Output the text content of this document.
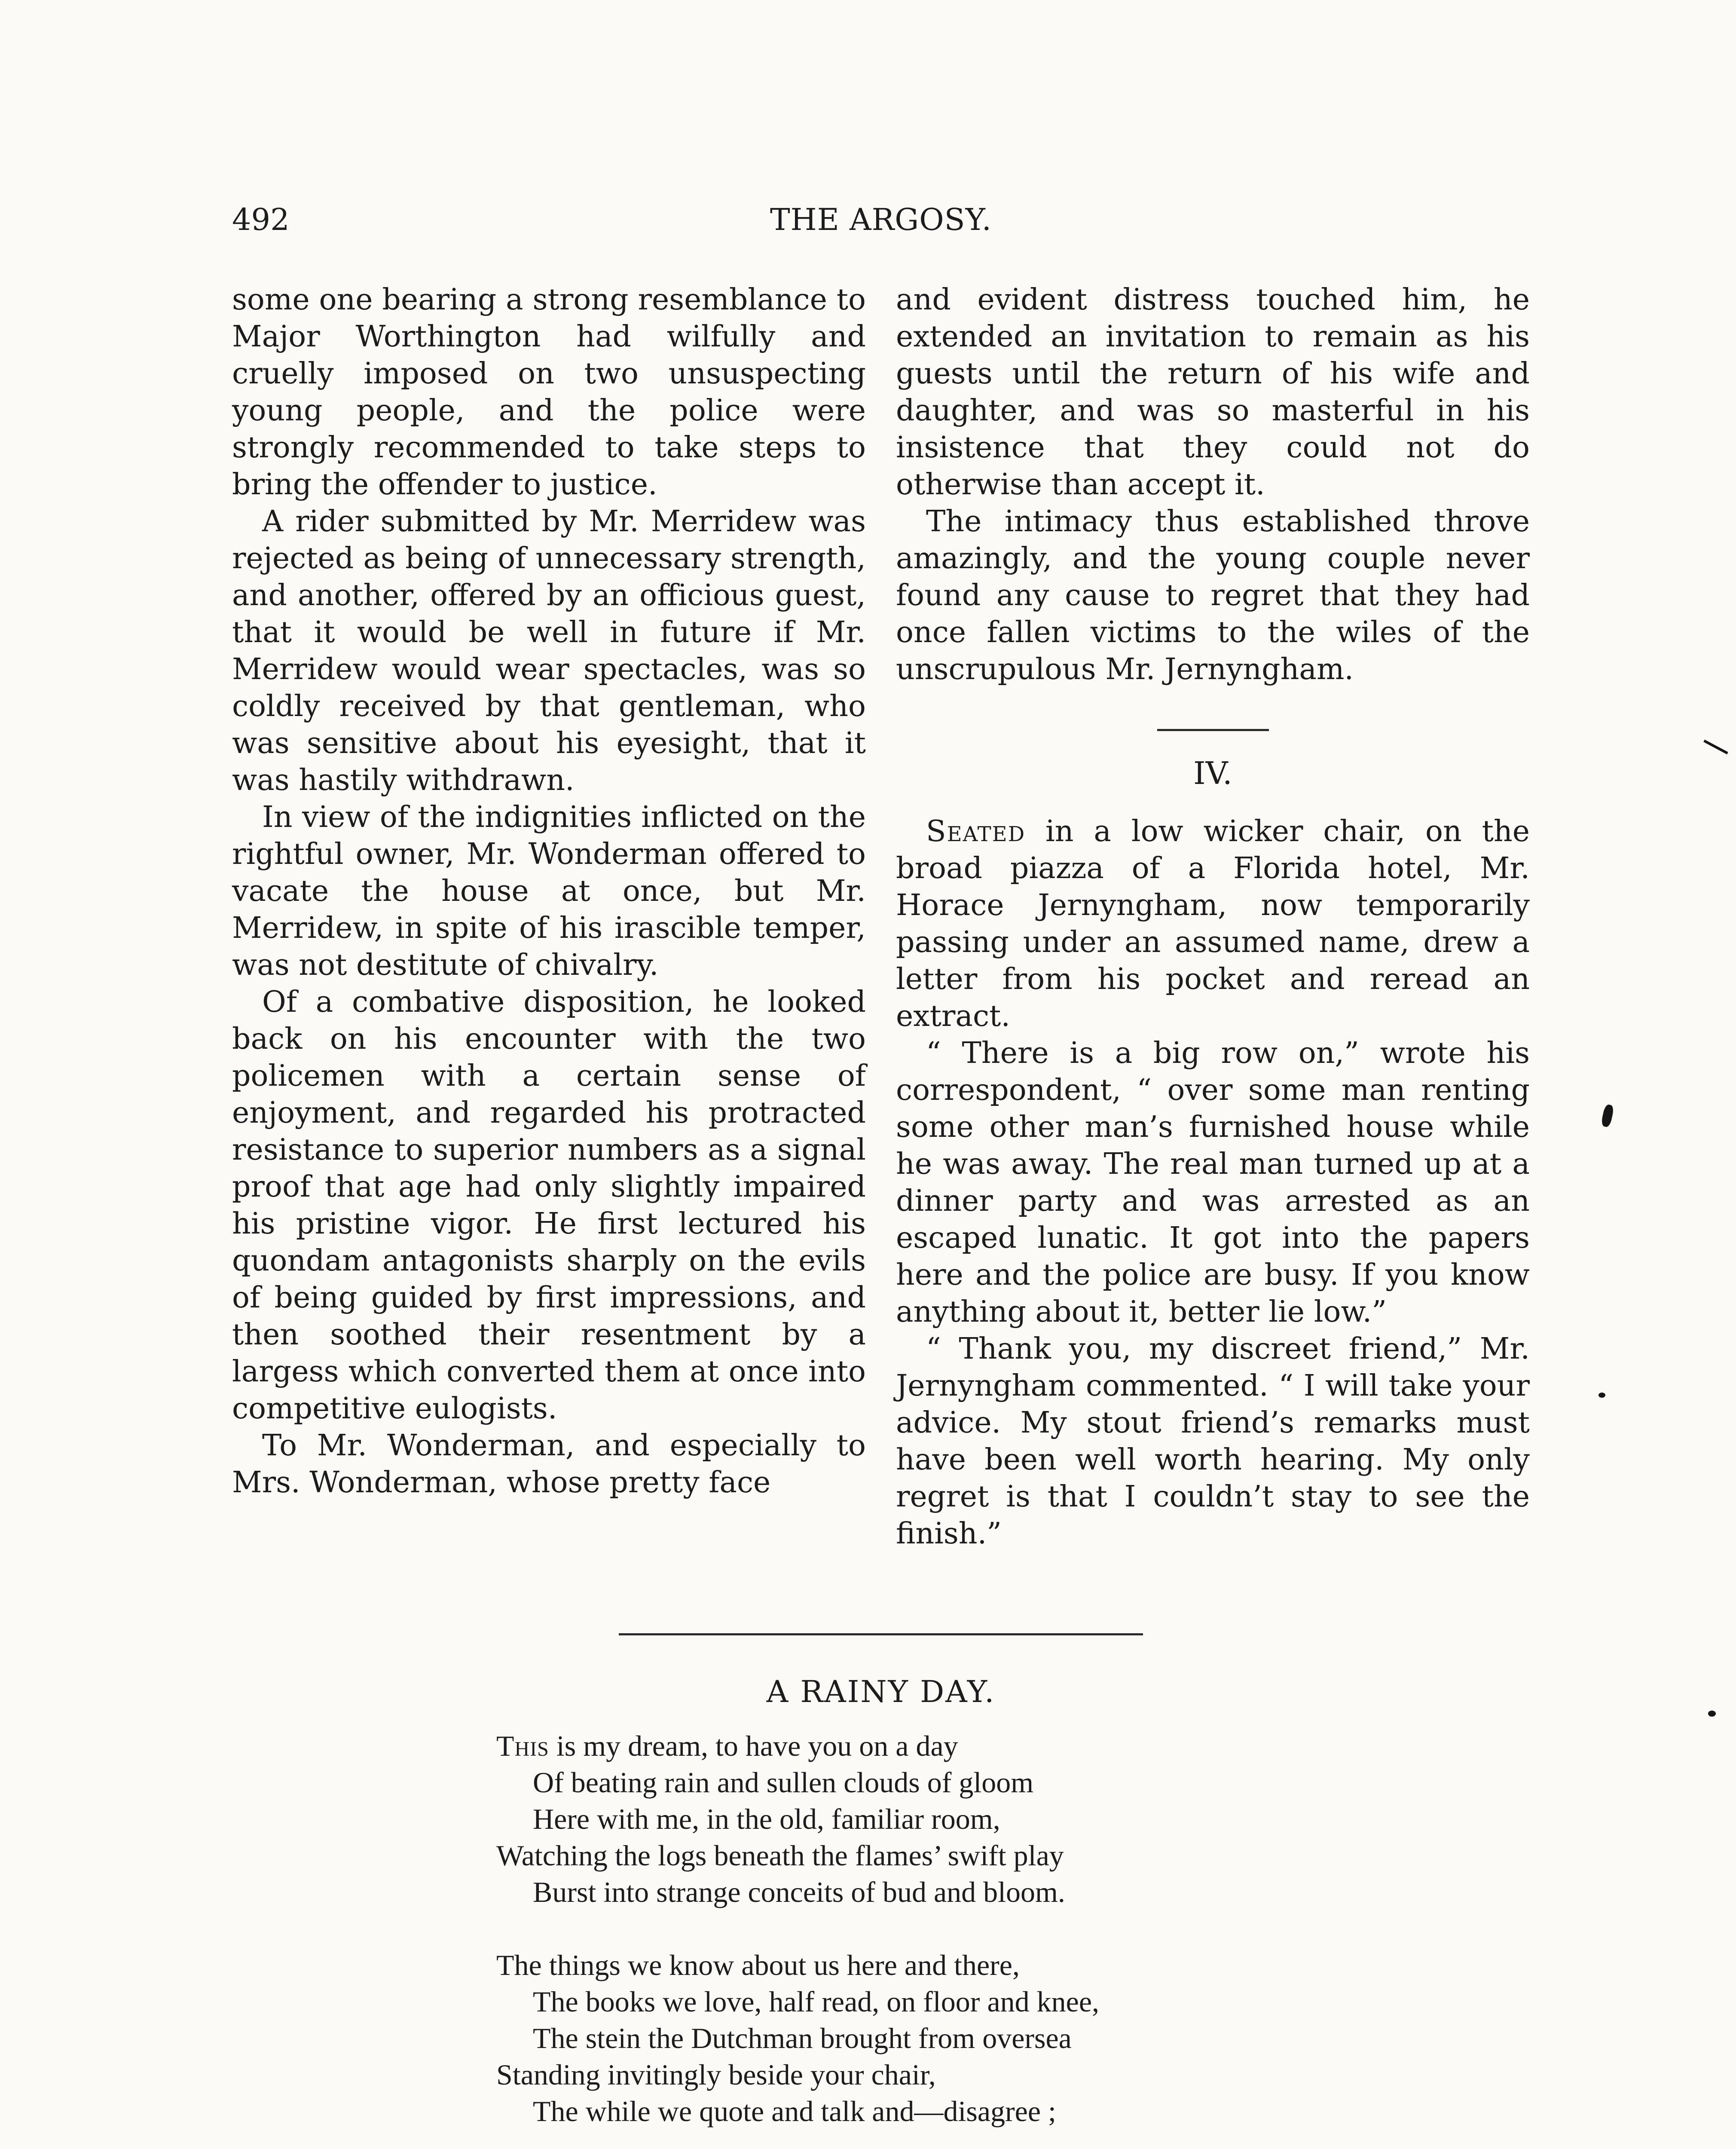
492	THE ARGOSY.

some one bearing a strong resemblance to Major Worthington had wilfully and cruelly imposed on two unsuspecting young people, and the police were strongly recommended to take steps to bring the offender to justice.

A rider submitted by Mr. Merridew was rejected as being of unnecessary strength, and another, offered by an officious guest, that it would be well in future if Mr. Merridew would wear spectacles, was so coldly received by that gentleman, who was sensitive about his eyesight, that it was hastily withdrawn.

In view of the indignities inflicted on the rightful owner, Mr. Wonderman offered to vacate the house at once, but Mr. Merridew, in spite of his irascible temper, was not destitute of chivalry.

Of a combative disposition, he looked back on his encounter with the two policemen with a certain sense of enjoyment, and regarded his protracted resistance to superior numbers as a signal proof that age had only slightly impaired his pristine vigor. He first lectured his quondam antagonists sharply on the evils of being guided by first impressions, and then soothed their resentment by a largess which converted them at once into competitive eulogists.

To Mr. Wonderman, and especially to Mrs. Wonderman, whose pretty face

and evident distress touched him, he extended an invitation to remain as his guests until the return of his wife and daughter, and was so masterful in his insistence that they could not do otherwise than accept it.

The intimacy thus established throve amazingly, and the young couple never found any cause to regret that they had once fallen victims to the wiles of the unscrupulous Mr. Jernyngham.

IV.

Seated in a low wicker chair, on the broad piazza of a Florida hotel, Mr. Horace Jernyngham, now temporarily passing under an assumed name, drew a letter from his pocket and reread an extract.

“ There is a big row on,” wrote his correspondent, “ over some man renting some other man’s furnished house while he was away. The real man turned up at a dinner party and was arrested as an escaped lunatic. It got into the papers here and the police are busy. If you know anything about it, better lie low.”

“ Thank you, my discreet friend,” Mr. Jernyngham commented. “ I will take your advice. My stout friend’s remarks must have been well worth hearing. My only regret is that I couldn’t stay to see the finish.”

A RAINY DAY.
This is my dream, to have you on a day
Of beating rain and sullen clouds of gloom
Here with me, in the old, familiar room,
Watching the logs beneath the flames’ swift play
Burst into strange conceits of bud and bloom.
The things we know about us here and there,
The books we love, half read, on floor and knee,
The stein the Dutchman brought from oversea
Standing invitingly beside your chair,
The while we quote and talk and—disagree ;
